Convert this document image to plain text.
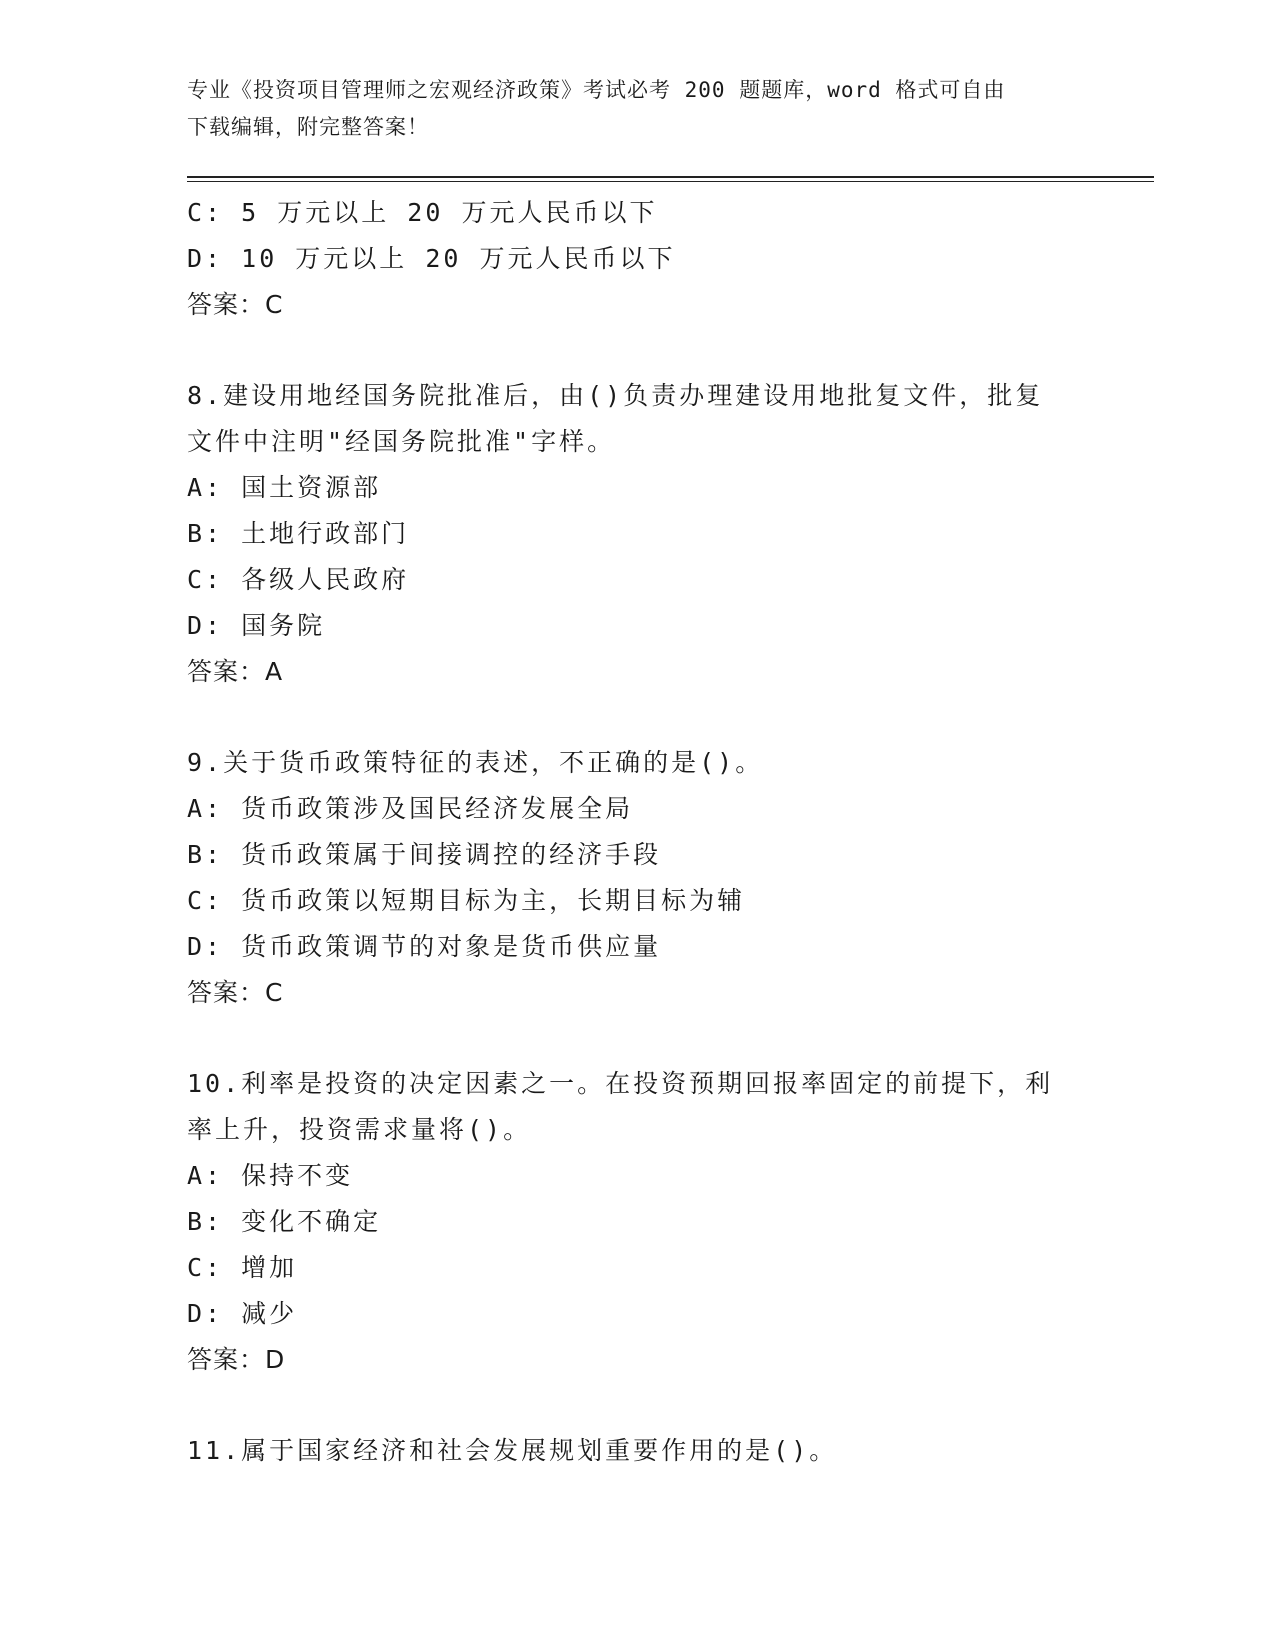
专业《投资项目管理师之宏观经济政策》考试必考 200 题题库，word 格式可自由
下载编辑，附完整答案！
C: 5 万元以上 20 万元人民币以下
D: 10 万元以上 20 万元人民币以下
答案：C
8.建设用地经国务院批准后，由()负责办理建设用地批复文件，批复
文件中注明"经国务院批准"字样。
A: 国土资源部
B: 土地行政部门
C: 各级人民政府
D: 国务院
答案：A
9.关于货币政策特征的表述，不正确的是()。
A: 货币政策涉及国民经济发展全局
B: 货币政策属于间接调控的经济手段
C: 货币政策以短期目标为主，长期目标为辅
D: 货币政策调节的对象是货币供应量
答案：C
10.利率是投资的决定因素之一。在投资预期回报率固定的前提下，利
率上升，投资需求量将()。
A: 保持不变
B: 变化不确定
C: 增加
D: 减少
答案：D
11.属于国家经济和社会发展规划重要作用的是()。
